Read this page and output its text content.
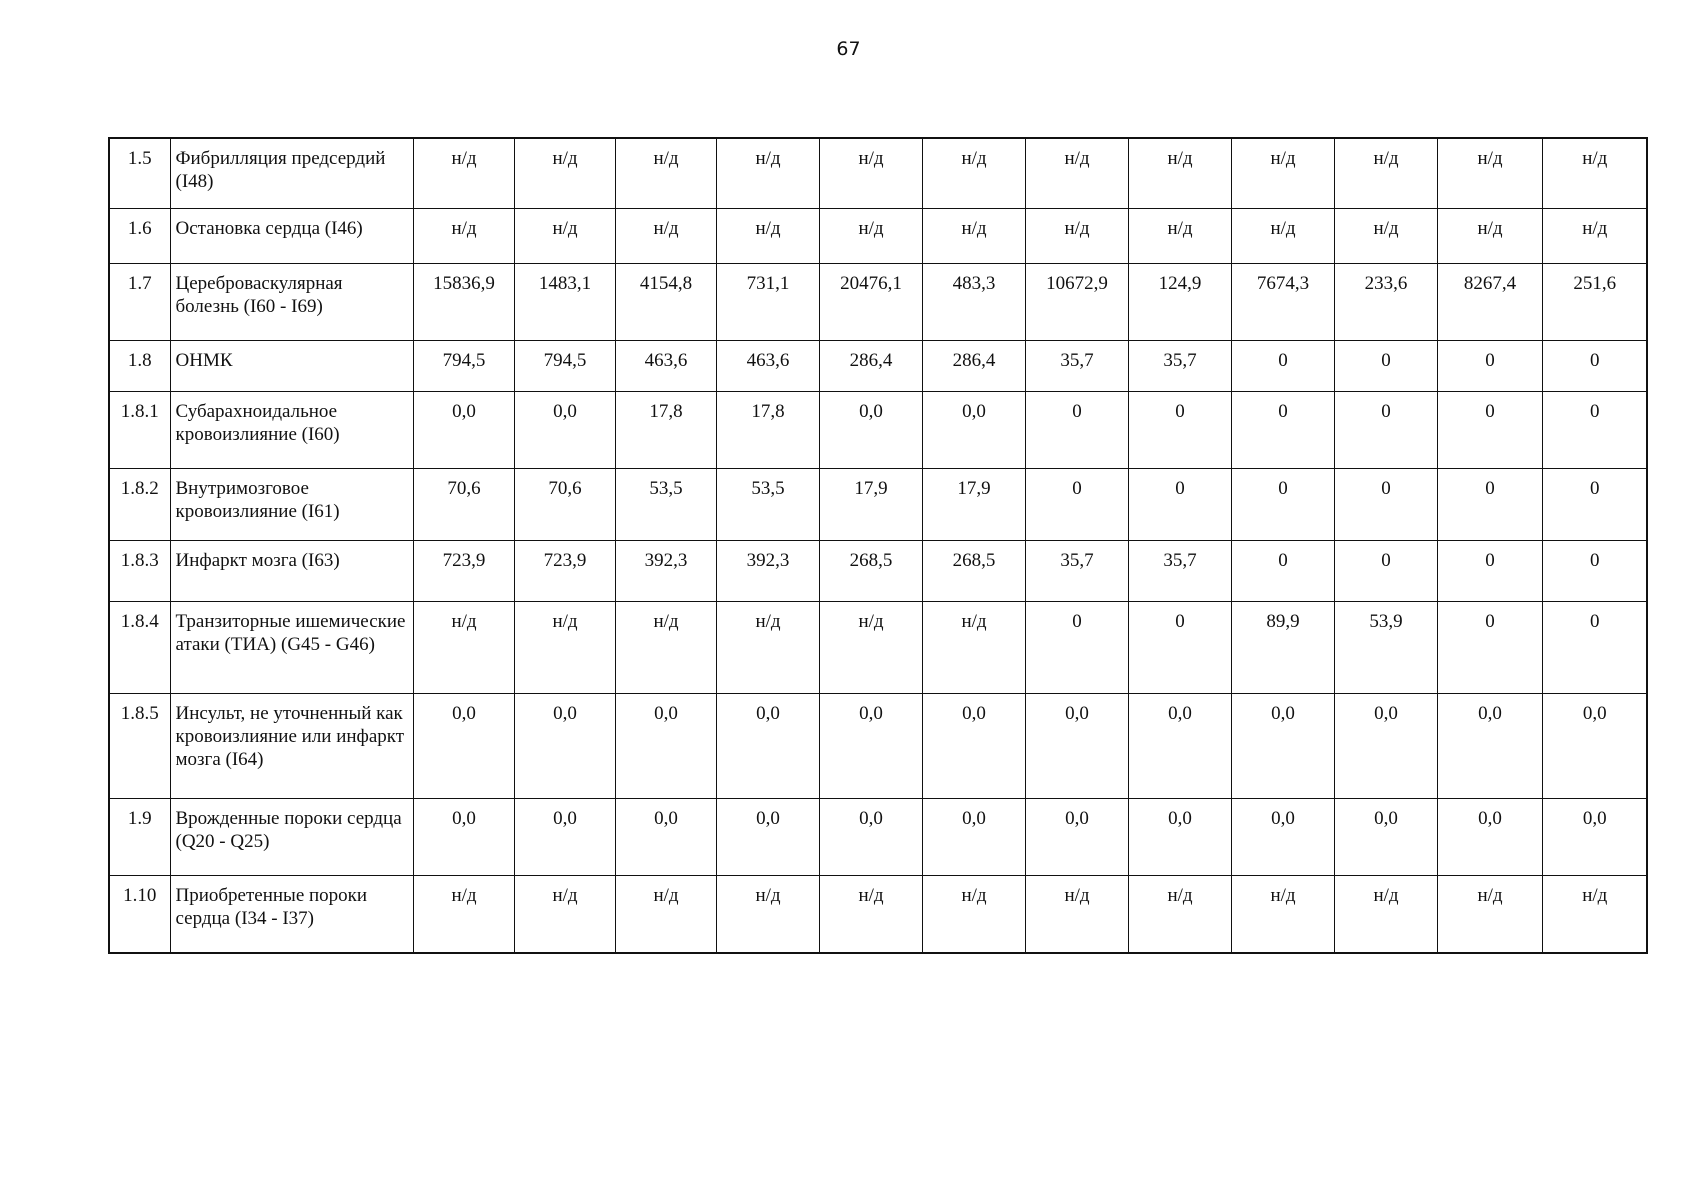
67
1.5	Фибрилляция предсердий (I48)	н/д	н/д	н/д	н/д	н/д	н/д	н/д	н/д	н/д	н/д	н/д	н/д
1.6	Остановка сердца (I46)	н/д	н/д	н/д	н/д	н/д	н/д	н/д	н/д	н/д	н/д	н/д	н/д
1.7	Цереброваскулярная болезнь (I60 - I69)	15836,9	1483,1	4154,8	731,1	20476,1	483,3	10672,9	124,9	7674,3	233,6	8267,4	251,6
1.8	ОНМК	794,5	794,5	463,6	463,6	286,4	286,4	35,7	35,7	0	0	0	0
1.8.1	Субарахноидальное кровоизлияние (I60)	0,0	0,0	17,8	17,8	0,0	0,0	0	0	0	0	0	0
1.8.2	Внутримозговое кровоизлияние (I61)	70,6	70,6	53,5	53,5	17,9	17,9	0	0	0	0	0	0
1.8.3	Инфаркт мозга (I63)	723,9	723,9	392,3	392,3	268,5	268,5	35,7	35,7	0	0	0	0
1.8.4	Транзиторные ишемические атаки (ТИА) (G45 - G46)	н/д	н/д	н/д	н/д	н/д	н/д	0	0	89,9	53,9	0	0
1.8.5	Инсульт, не уточненный как кровоизлияние или инфаркт мозга (I64)	0,0	0,0	0,0	0,0	0,0	0,0	0,0	0,0	0,0	0,0	0,0	0,0
1.9	Врожденные пороки сердца (Q20 - Q25)	0,0	0,0	0,0	0,0	0,0	0,0	0,0	0,0	0,0	0,0	0,0	0,0
1.10	Приобретенные пороки сердца (I34 - I37)	н/д	н/д	н/д	н/д	н/д	н/д	н/д	н/д	н/д	н/д	н/д	н/д
